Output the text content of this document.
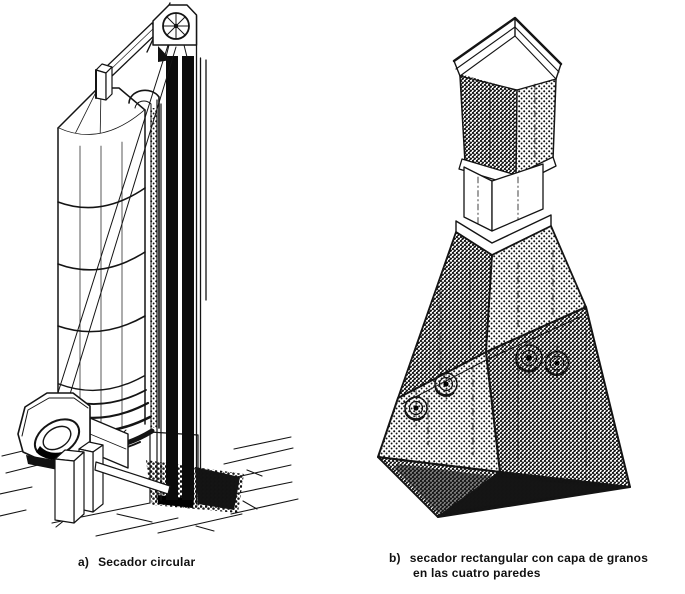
a) Secador circular	b) secador rectangular con capa de granos
en las cuatro paredes
